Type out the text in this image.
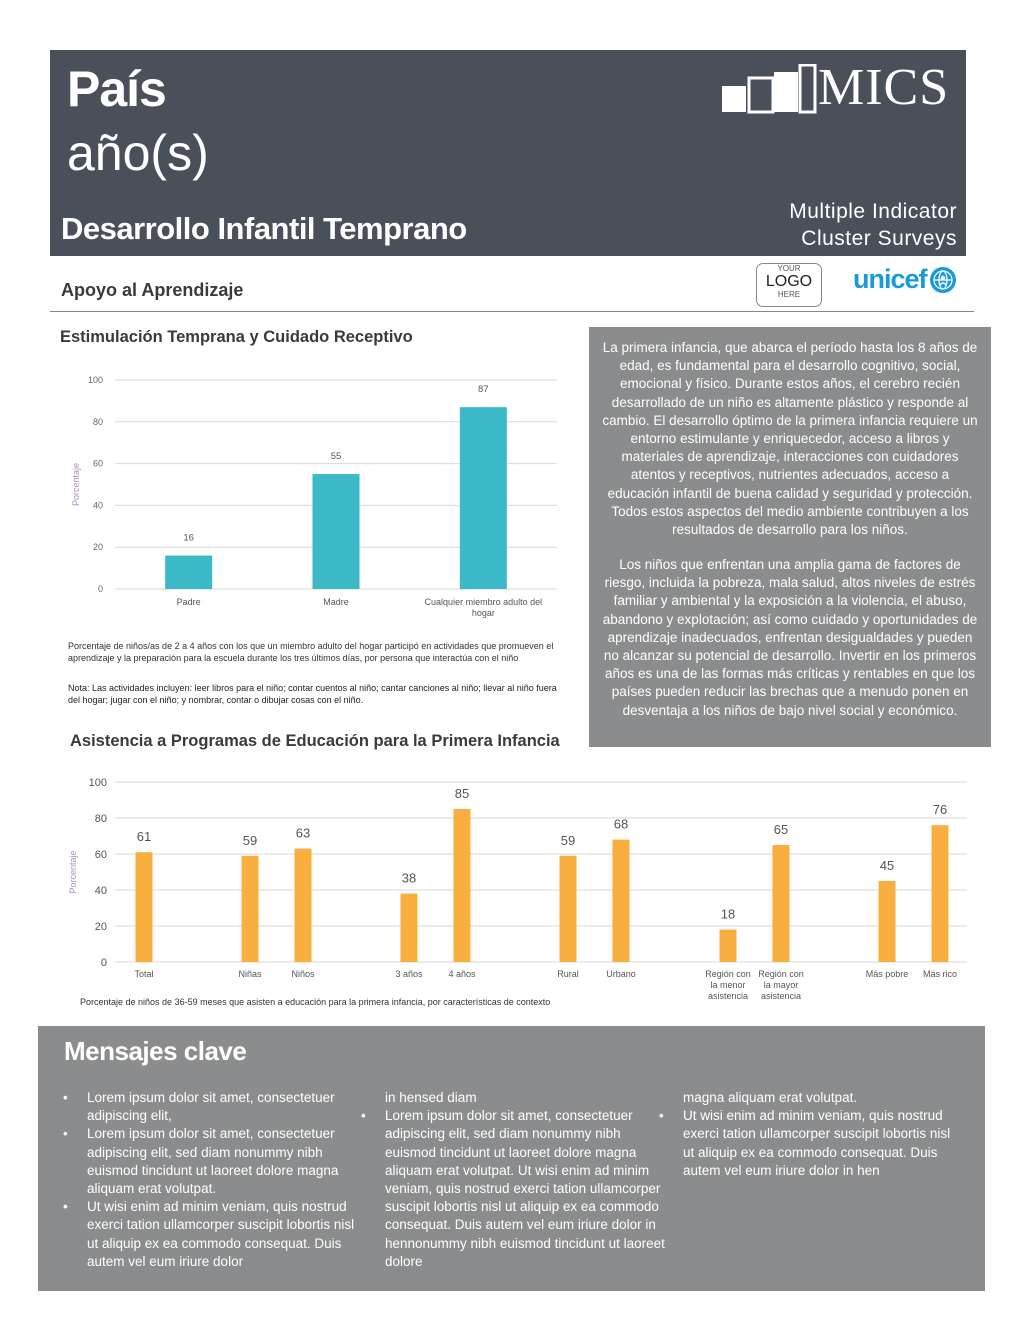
País
año(s)
Desarrollo Infantil Temprano
MICS
Multiple Indicator
Cluster Surveys
Apoyo al Aprendizaje
YOUR
LOGO
HERE
unicef
Estimulación Temprana y Cuidado Receptivo
0
20
40
60
80
100
Porcentaje
16
Padre
55
Madre
87
Cualquier miembro adulto del hogar
Porcentaje de niños/as de 2 a 4 años con los que un miembro adulto del hogar participó en actividades que promueven el aprendizaje y la preparación para la escuela durante los tres últimos días, por persona que interactúa con el niño
Nota: Las actividades incluyen: leer libros para el niño; contar cuentos al niño; cantar canciones al niño; llevar al niño fuera del hogar; jugar con el niño; y nombrar, contar o dibujar cosas con el niño.

La primera infancia, que abarca el período hasta los 8 años de edad, es fundamental para el desarrollo cognitivo, social, emocional y físico. Durante estos años, el cerebro recién desarrollado de un niño es altamente plástico y responde al cambio. El desarrollo óptimo de la primera infancia requiere un entorno estimulante y enriquecedor, acceso a libros y materiales de aprendizaje, interacciones con cuidadores atentos y receptivos, nutrientes adecuados, acceso a educación infantil de buena calidad y seguridad y protección. Todos estos aspectos del medio ambiente contribuyen a los resultados de desarrollo para los niños.

Los niños que enfrentan una amplia gama de factores de riesgo, incluida la pobreza, mala salud, altos niveles de estrés familiar y ambiental y la exposición a la violencia, el abuso, abandono y explotación; así como cuidado y oportunidades de aprendizaje inadecuados, enfrentan desigualdades y pueden no alcanzar su potencial de desarrollo. Invertir en los primeros años es una de las formas más críticas y rentables en que los países pueden reducir las brechas que a menudo ponen en desventaja a los niños de bajo nivel social y económico.

Asistencia a Programas de Educación para la Primera Infancia
0
20
40
60
80
100
Porcentaje
61
Total
59
Niñas
63
Niños
38
3 años
85
4 años
59
Rural
68
Urbano
18
Región con la menor asistencia
65
Región con la mayor asistencia
45
Más pobre
76
Más rico
Porcentaje de niños de 36-59 meses que asisten a educación para la primera infancia, por características de contexto
Mensajes clave
• Lorem ipsum dolor sit amet, consectetuer adipiscing elit,
• Lorem ipsum dolor sit amet, consectetuer adipiscing elit, sed diam nonummy nibh euismod tincidunt ut laoreet dolore magna aliquam erat volutpat.
• Ut wisi enim ad minim veniam, quis nostrud exerci tation ullamcorper suscipit lobortis nisl ut aliquip ex ea commodo consequat. Duis autem vel eum iriure dolor
in hensed diam
• Lorem ipsum dolor sit amet, consectetuer adipiscing elit, sed diam nonummy nibh euismod tincidunt ut laoreet dolore magna aliquam erat volutpat. Ut wisi enim ad minim veniam, quis nostrud exerci tation ullamcorper suscipit lobortis nisl ut aliquip ex ea commodo consequat. Duis autem vel eum iriure dolor in hennonummy nibh euismod tincidunt ut laoreet dolore
magna aliquam erat volutpat.
• Ut wisi enim ad minim veniam, quis nostrud exerci tation ullamcorper suscipit lobortis nisl ut aliquip ex ea commodo consequat. Duis autem vel eum iriure dolor in hen
